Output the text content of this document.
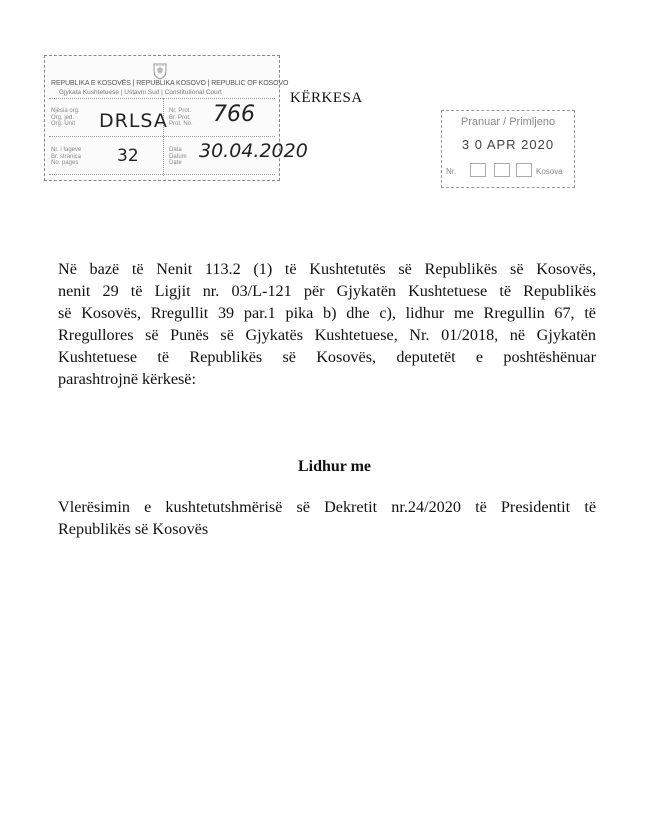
REPUBLIKA E KOSOVËS | REPUBLIKA KOSOVO | REPUBLIC OF KOSOVO
Gjykata Kushtetuese | Ustavni Sud | Constitutional Court
Njësia org.
Org. jed.
Org. Unit DRLSA Nr. Prot.
Br. Prot.
Prot. No. 766
Nr. i fageve
Br. stranica
No. pages 32	Data
Datum
Date
30.04.2020
KËRKESA
Pranuar / Primljeno
3 0 APR 2020
Nr.	Kosova

Në bazë të Nenit 113.2 (1) të Kushtetutës së Republikës së Kosovës,
nenit 29 të Ligjit nr. 03/L-121 për Gjykatën Kushtetuese të Republikës
së Kosovës, Rregullit 39 par.1 pika b) dhe c), lidhur me Rregullin 67, të
Rregullores së Punës së Gjykatës Kushtetuese, Nr. 01/2018, në Gjykatën
Kushtetuese të Republikës së Kosovës, deputetët e poshtëshënuar
parashtrojnë kërkesë:

Lidhur me

Vlerësimin e kushtetutshmërisë së Dekretit nr.24/2020 të Presidentit të
Republikës së Kosovës
